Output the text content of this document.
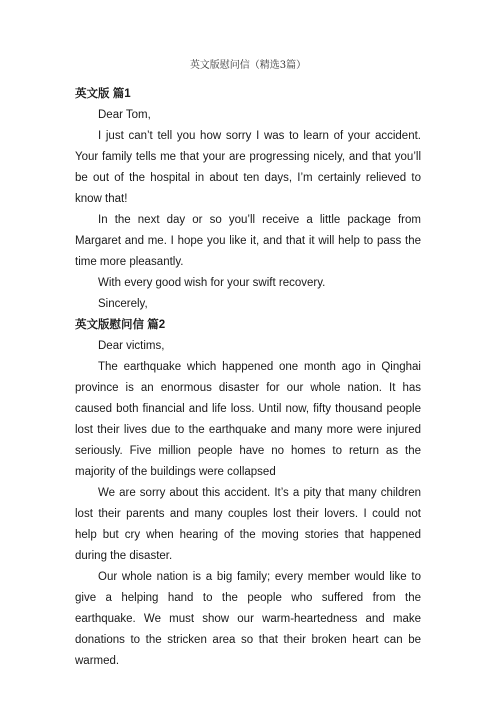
英文版慰问信（精选3篇）

英文版 篇1

Dear Tom,

I just can’t tell you how sorry I was to learn of your accident. Your family tells me that your are progressing nicely, and that you’ll be out of the hospital in about ten days, I’m certainly relieved to know that!

In the next day or so you’ll receive a little package from Margaret and me. I hope you like it, and that it will help to pass the time more pleasantly.

With every good wish for your swift recovery.

Sincerely,

英文版慰问信 篇2

Dear victims,

The earthquake which happened one month ago in Qinghai province is an enormous disaster for our whole nation. It has caused both financial and life loss. Until now, fifty thousand people lost their lives due to the earthquake and many more were injured seriously. Five million people have no homes to return as the majority of the buildings were collapsed

We are sorry about this accident. It’s a pity that many children lost their parents and many couples lost their lovers. I could not help but cry when hearing of the moving stories that happened during the disaster.

Our whole nation is a big family; every member would like to give a helping hand to the people who suffered from the earthquake. We must show our warm-heartedness and make donations to the stricken area so that their broken heart can be warmed.
